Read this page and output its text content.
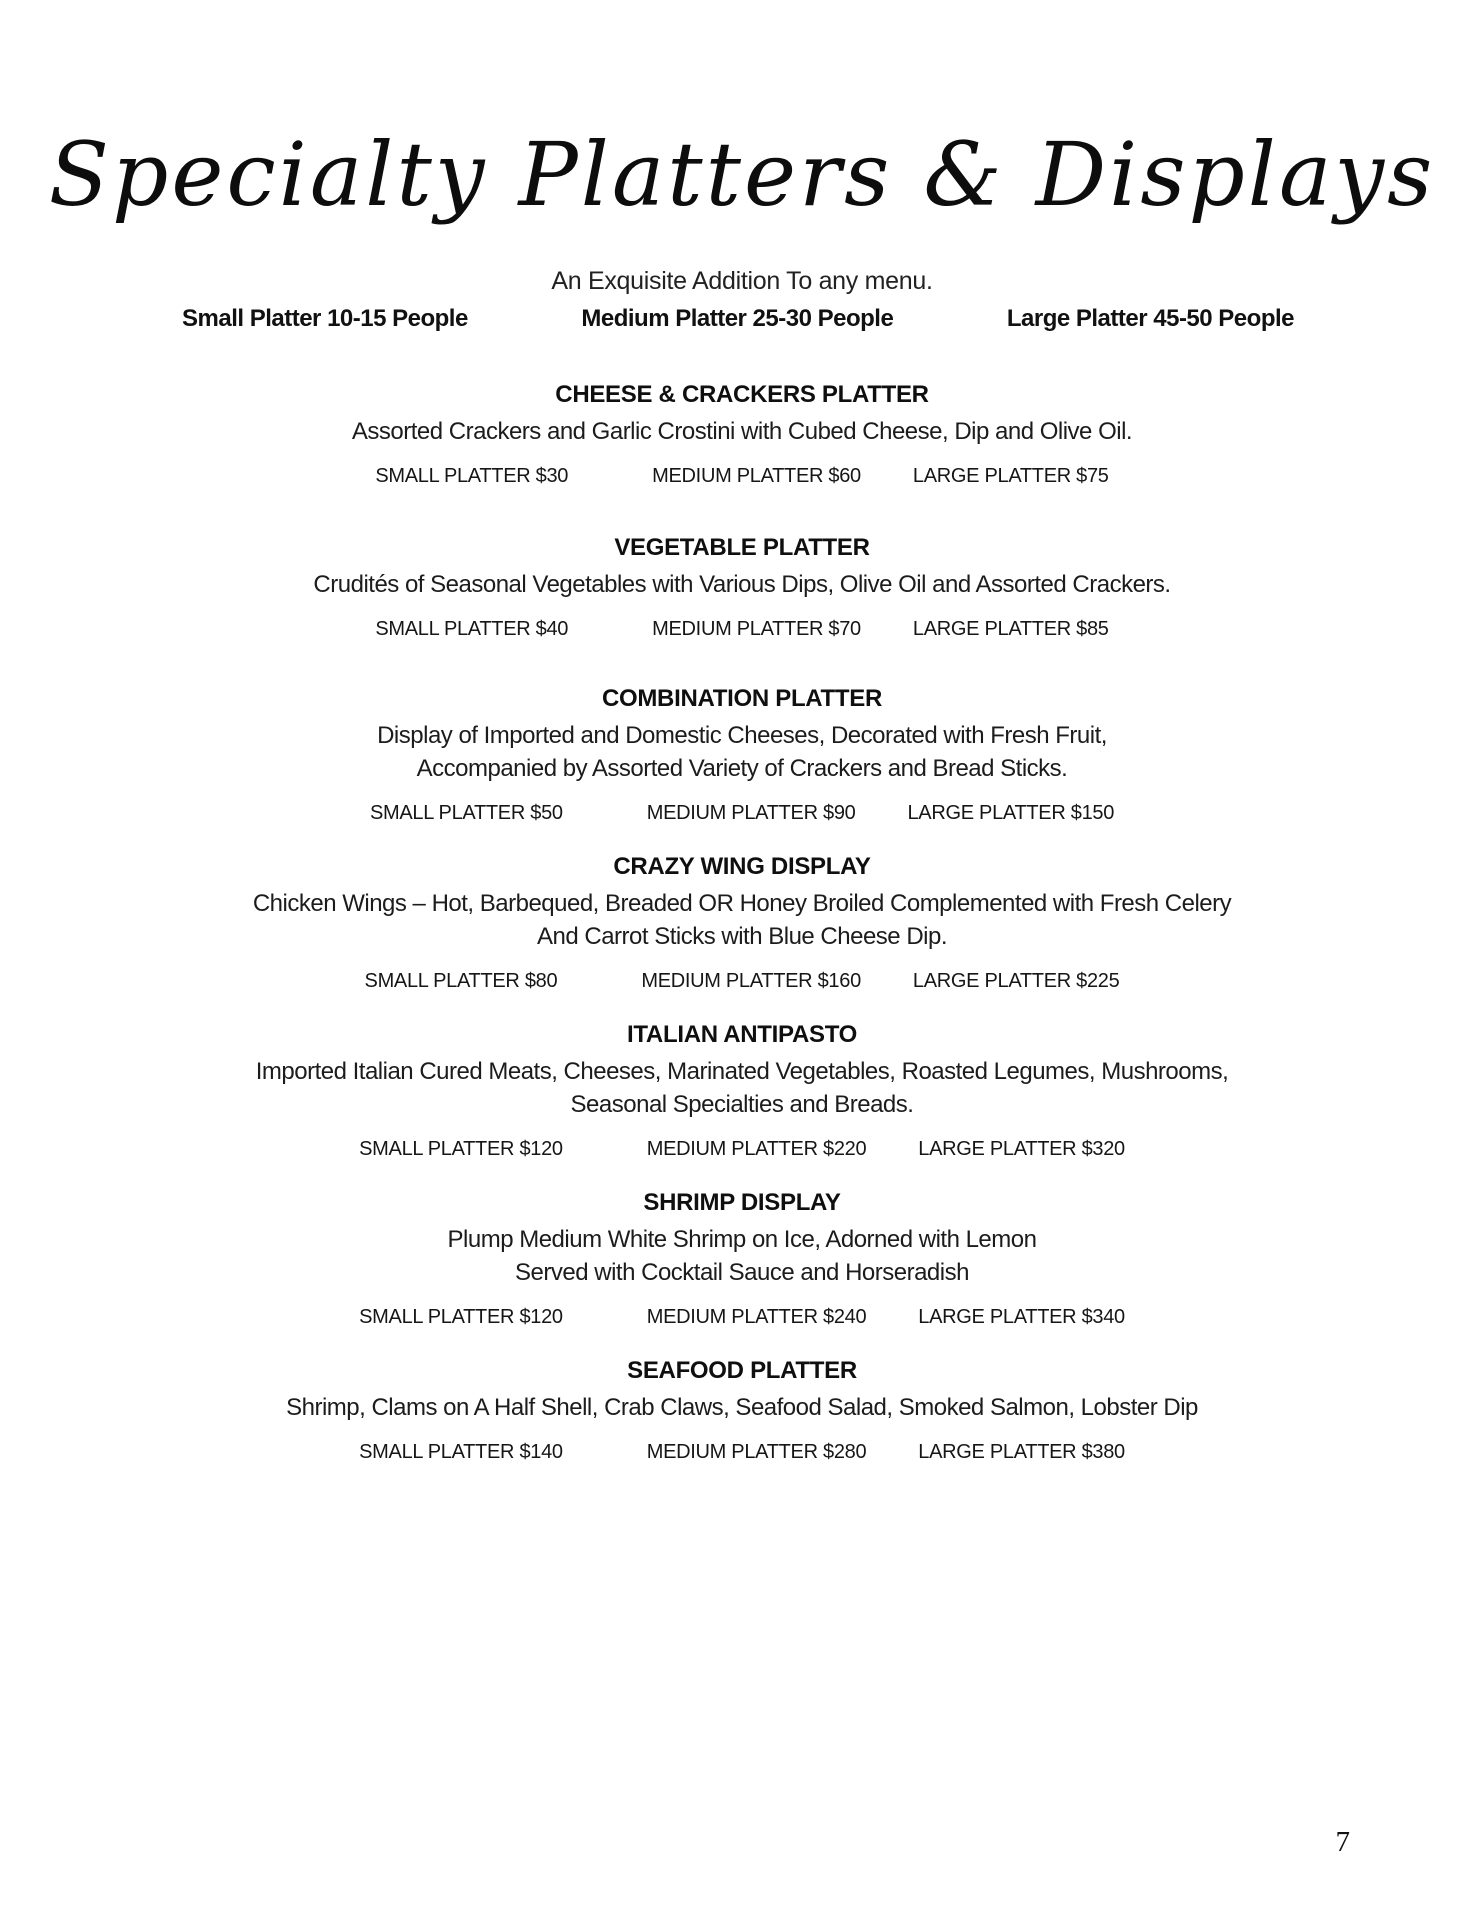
Specialty Platters & Displays

An Exquisite Addition To any menu.

Small Platter 10-15 People	Medium Platter 25-30 People	Large Platter 45-50 People
CHEESE & CRACKERS PLATTER

Assorted Crackers and Garlic Crostini with Cubed Cheese, Dip and Olive Oil.

SMALL PLATTER $30	MEDIUM PLATTER $60	LARGE PLATTER $75
VEGETABLE PLATTER

Crudités of Seasonal Vegetables with Various Dips, Olive Oil and Assorted Crackers.

SMALL PLATTER $40	MEDIUM PLATTER $70	LARGE PLATTER $85
COMBINATION PLATTER

Display of Imported and Domestic Cheeses, Decorated with Fresh Fruit,

Accompanied by Assorted Variety of Crackers and Bread Sticks.

SMALL PLATTER $50	MEDIUM PLATTER $90	LARGE PLATTER $150
CRAZY WING DISPLAY

Chicken Wings – Hot, Barbequed, Breaded OR Honey Broiled Complemented with Fresh Celery

And Carrot Sticks with Blue Cheese Dip.

SMALL PLATTER $80	MEDIUM PLATTER $160	LARGE PLATTER $225
ITALIAN ANTIPASTO

Imported Italian Cured Meats, Cheeses, Marinated Vegetables, Roasted Legumes, Mushrooms,

Seasonal Specialties and Breads.

SMALL PLATTER $120	MEDIUM PLATTER $220	LARGE PLATTER $320
SHRIMP DISPLAY

Plump Medium White Shrimp on Ice, Adorned with Lemon

Served with Cocktail Sauce and Horseradish

SMALL PLATTER $120	MEDIUM PLATTER $240	LARGE PLATTER $340
SEAFOOD PLATTER

Shrimp, Clams on A Half Shell, Crab Claws, Seafood Salad, Smoked Salmon, Lobster Dip

SMALL PLATTER $140	MEDIUM PLATTER $280	LARGE PLATTER $380
7
